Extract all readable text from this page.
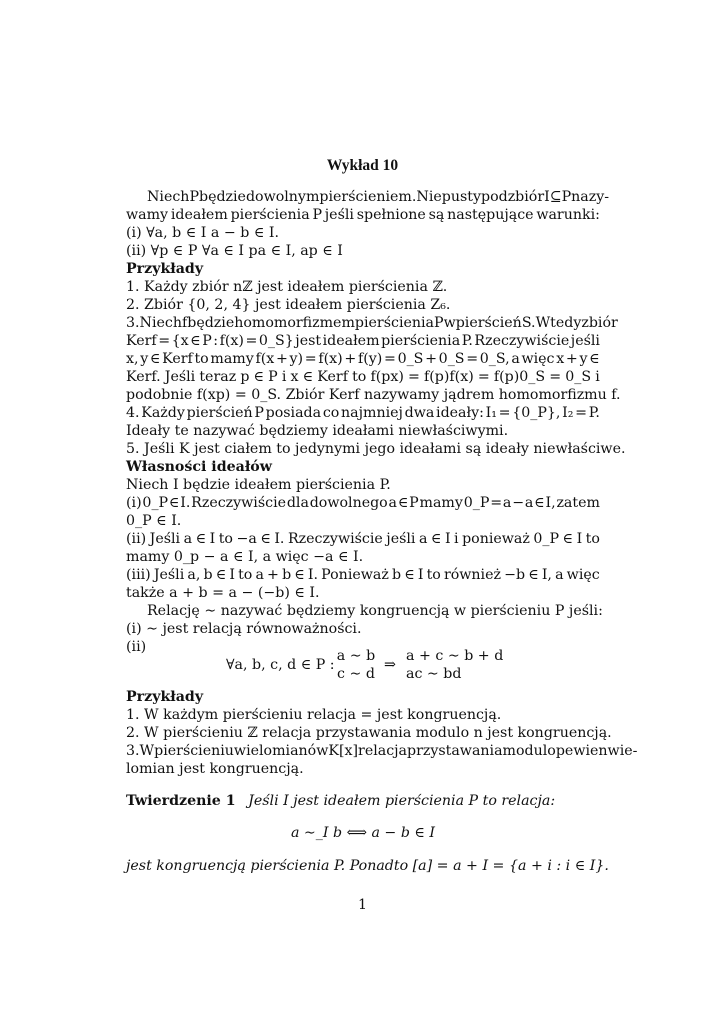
Wykład 10
Niech P będzie dowolnym pierścieniem. Niepusty podzbiór I ⊆ P nazy-
wamy ideałem pierścienia P jeśli spełnione są następujące warunki:
(i) ∀a, b ∈ I a − b ∈ I.
(ii) ∀p ∈ P ∀a ∈ I pa ∈ I, ap ∈ I
Przykłady
1. Każdy zbiór nℤ jest ideałem pierścienia ℤ.
2. Zbiór {0, 2, 4} jest ideałem pierścienia Z₆.
3. Niech f będzie homomorfizmem pierścienia P w pierścień S. Wtedy zbiór
Kerf = {x ∈ P : f(x) = 0_S} jest ideałem pierścienia P. Rzeczywiście jeśli
x, y ∈ Kerf to mamy f(x + y) = f(x) + f(y) = 0_S + 0_S = 0_S, a więc x + y ∈
Kerf. Jeśli teraz p ∈ P i x ∈ Kerf to f(px) = f(p)f(x) = f(p)0_S = 0_S i
podobnie f(xp) = 0_S. Zbiór Kerf nazywamy jądrem homomorfizmu f.
4. Każdy pierścień P posiada co najmniej dwa ideały: I₁ = {0_P}, I₂ = P.
Ideały te nazywać będziemy ideałami niewłaściwymi.
5. Jeśli K jest ciałem to jedynymi jego ideałami są ideały niewłaściwe.
Własności ideałów
Niech I będzie ideałem pierścienia P.
(i) 0_P ∈ I. Rzeczywiście dla dowolnego a ∈ P mamy 0_P = a − a ∈ I, zatem
0_P ∈ I.
(ii) Jeśli a ∈ I to −a ∈ I. Rzeczywiście jeśli a ∈ I i ponieważ 0_P ∈ I to
mamy 0_p − a ∈ I, a więc −a ∈ I.
(iii) Jeśli a, b ∈ I to a + b ∈ I. Ponieważ b ∈ I to również −b ∈ I, a więc
także a + b = a − (−b) ∈ I.
Relację ∼ nazywać będziemy kongruencją w pierścieniu P jeśli:
(i) ∼ jest relacją równoważności.
(ii)
∀a, b, c, d ∈ P :
a ∼ b
c ∼ d
⇒
a + c ∼ b + d
ac ∼ bd
Przykłady
1. W każdym pierścieniu relacja = jest kongruencją.
2. W pierścieniu ℤ relacja przystawania modulo n jest kongruencją.
3. W pierścieniu wielomianów K[x] relacja przystawania modulo pewien wie-
lomian jest kongruencją.
Twierdzenie 1 Jeśli I jest ideałem pierścienia P to relacja:
a ∼_I b ⟺ a − b ∈ I
jest kongruencją pierścienia P. Ponadto [a] = a + I = {a + i : i ∈ I}.
1
